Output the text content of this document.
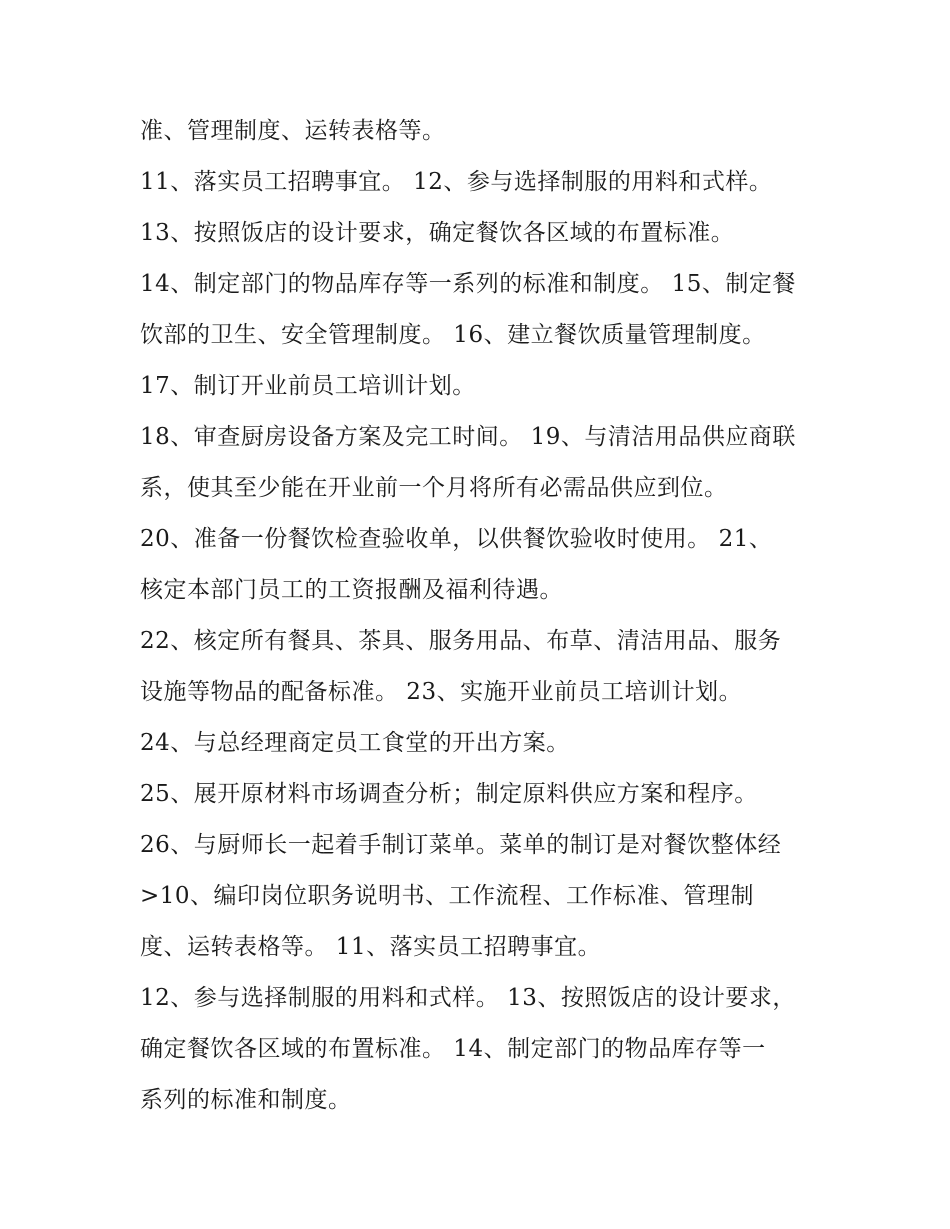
准、管理制度、运转表格等。
11、落实员工招聘事宜。 12、参与选择制服的用料和式样。
13、按照饭店的设计要求，确定餐饮各区域的布置标准。
14、制定部门的物品库存等一系列的标准和制度。 15、制定餐
饮部的卫生、安全管理制度。 16、建立餐饮质量管理制度。
17、制订开业前员工培训计划。
18、审查厨房设备方案及完工时间。 19、与清洁用品供应商联
系，使其至少能在开业前一个月将所有必需品供应到位。
20、准备一份餐饮检查验收单，以供餐饮验收时使用。 21、
核定本部门员工的工资报酬及福利待遇。
22、核定所有餐具、茶具、服务用品、布草、清洁用品、服务
设施等物品的配备标准。 23、实施开业前员工培训计划。
24、与总经理商定员工食堂的开出方案。
25、展开原材料市场调查分析；制定原料供应方案和程序。
26、与厨师长一起着手制订菜单。菜单的制订是对餐饮整体经
>10、编印岗位职务说明书、工作流程、工作标准、管理制
度、运转表格等。 11、落实员工招聘事宜。
12、参与选择制服的用料和式样。 13、按照饭店的设计要求，
确定餐饮各区域的布置标准。 14、制定部门的物品库存等一
系列的标准和制度。
